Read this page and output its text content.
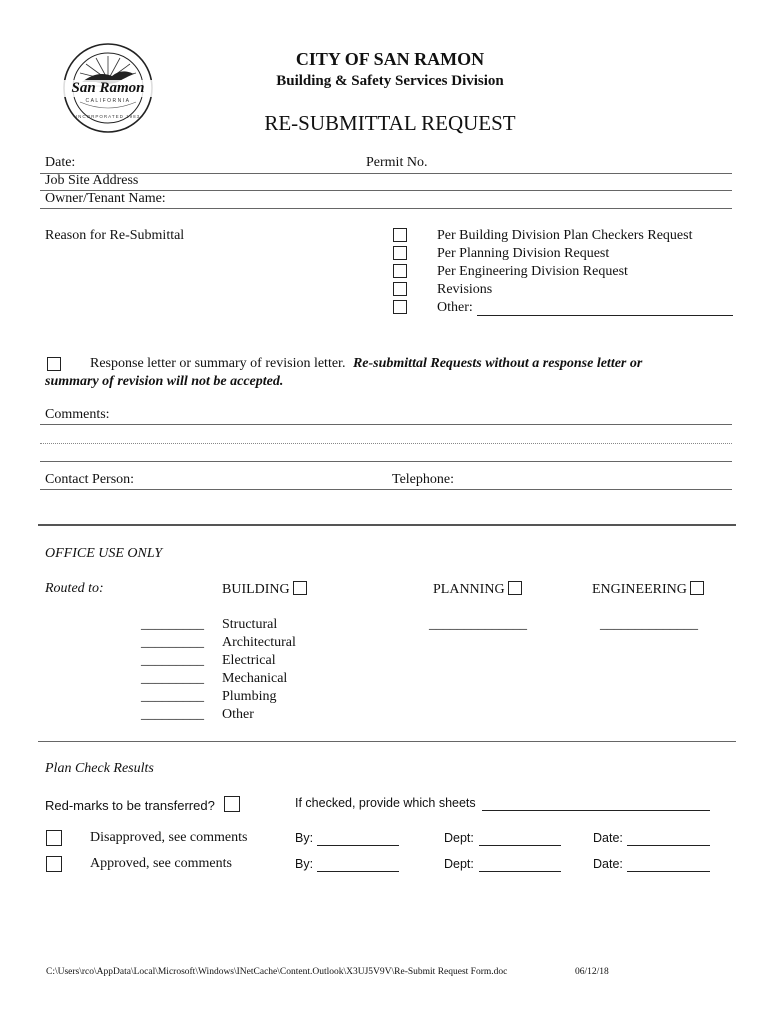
San Ramon
CALIFORNIA
INCORPORATED 1983
CITY OF SAN RAMON
Building & Safety Services Division
RE-SUBMITTAL REQUEST
Date:	Permit No.
Job Site Address
Owner/Tenant Name:
Reason for Re-Submittal	Per Building Division Plan Checkers Request
Per Planning Division Request
Per Engineering Division Request
Revisions
Other:
Response letter or summary of revision letter. Re-submittal Requests without a response letter or
summary of revision will not be accepted.
Comments:
Contact Person:	Telephone:
OFFICE USE ONLY
Routed to:	BUILDING	PLANNING	ENGINEERING
_________
_________
_________
_________
_________
_________
Structural
Architectural
Electrical
Mechanical
Plumbing
Other
______________	______________
Plan Check Results
Red-marks to be transferred?	If checked, provide which sheets
Disapproved, see comments	By:	Dept:	Date:
Approved, see comments	By:	Dept:	Date:
C:\Users\rco\AppData\Local\Microsoft\Windows\INetCache\Content.Outlook\X3UJ5V9V\Re-Submit Request Form.doc	06/12/18
